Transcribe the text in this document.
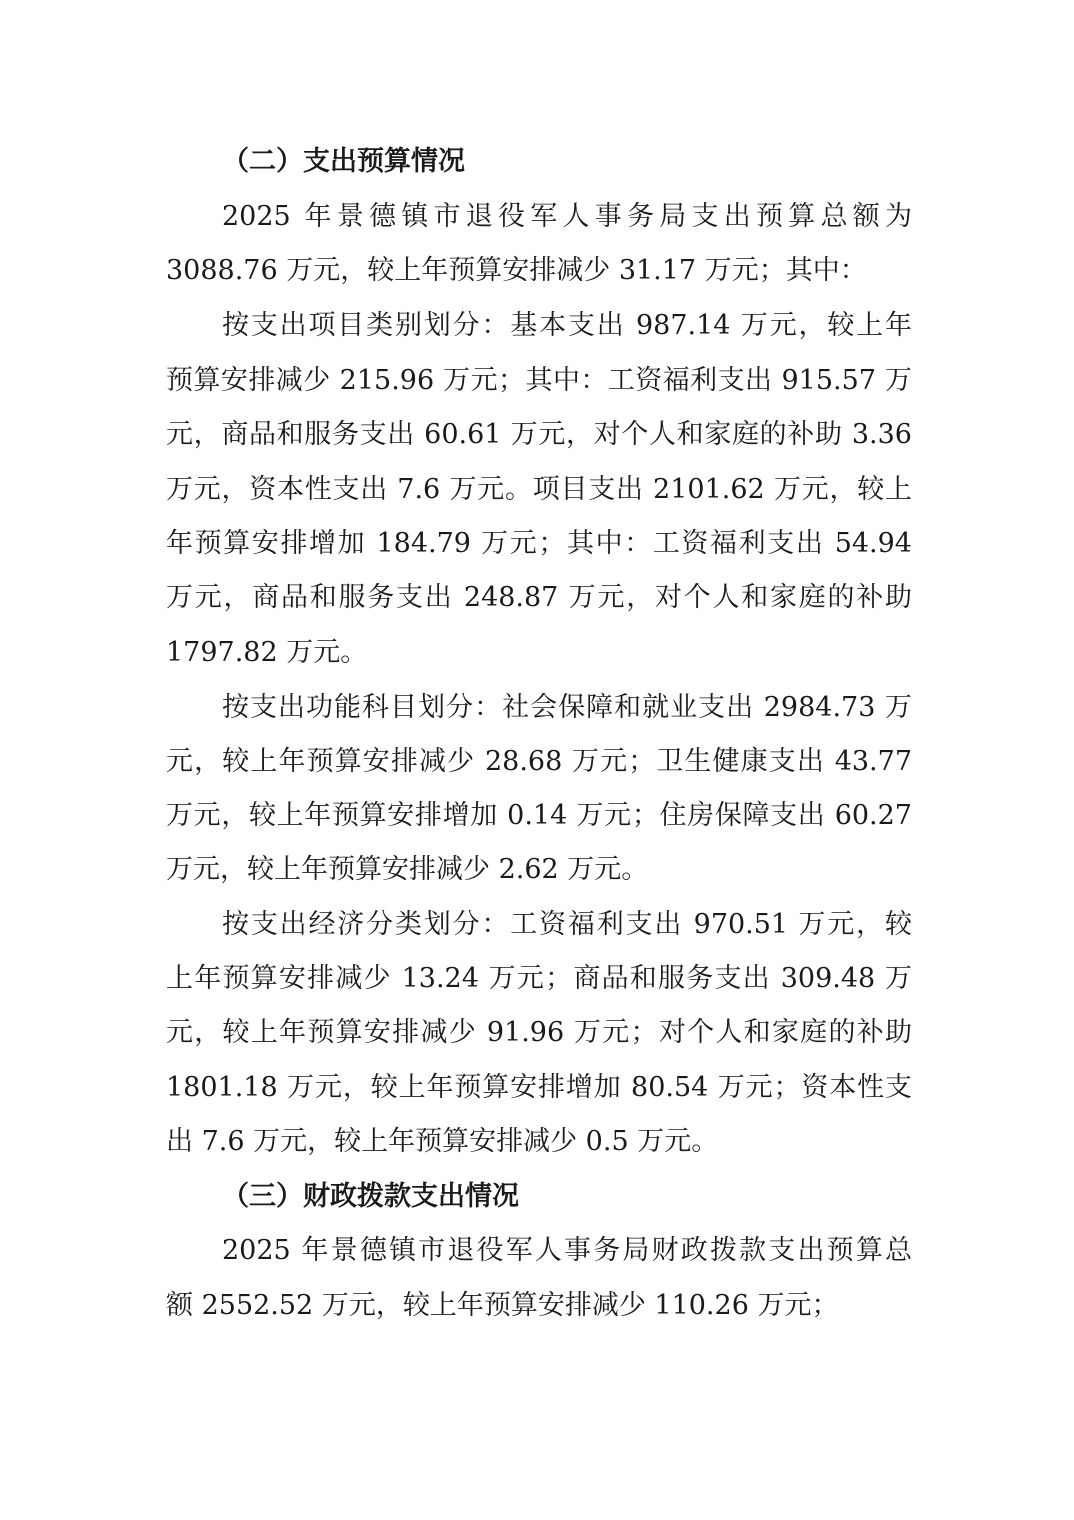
（二）支出预算情况
2025 年景德镇市退役军人事务局支出预算总额为
3088.76 万元，较上年预算安排减少 31.17 万元；其中：
按支出项目类别划分：基本支出 987.14 万元，较上年
预算安排减少 215.96 万元；其中：工资福利支出 915.57 万
元，商品和服务支出 60.61 万元，对个人和家庭的补助 3.36
万元，资本性支出 7.6 万元。项目支出 2101.62 万元，较上
年预算安排增加 184.79 万元；其中：工资福利支出 54.94
万元，商品和服务支出 248.87 万元，对个人和家庭的补助
1797.82 万元。
按支出功能科目划分：社会保障和就业支出 2984.73 万
元，较上年预算安排减少 28.68 万元；卫生健康支出 43.77
万元，较上年预算安排增加 0.14 万元；住房保障支出 60.27
万元，较上年预算安排减少 2.62 万元。
按支出经济分类划分：工资福利支出 970.51 万元，较
上年预算安排减少 13.24 万元；商品和服务支出 309.48 万
元，较上年预算安排减少 91.96 万元；对个人和家庭的补助
1801.18 万元，较上年预算安排增加 80.54 万元；资本性支
出 7.6 万元，较上年预算安排减少 0.5 万元。
（三）财政拨款支出情况
2025 年景德镇市退役军人事务局财政拨款支出预算总
额 2552.52 万元，较上年预算安排减少 110.26 万元；
